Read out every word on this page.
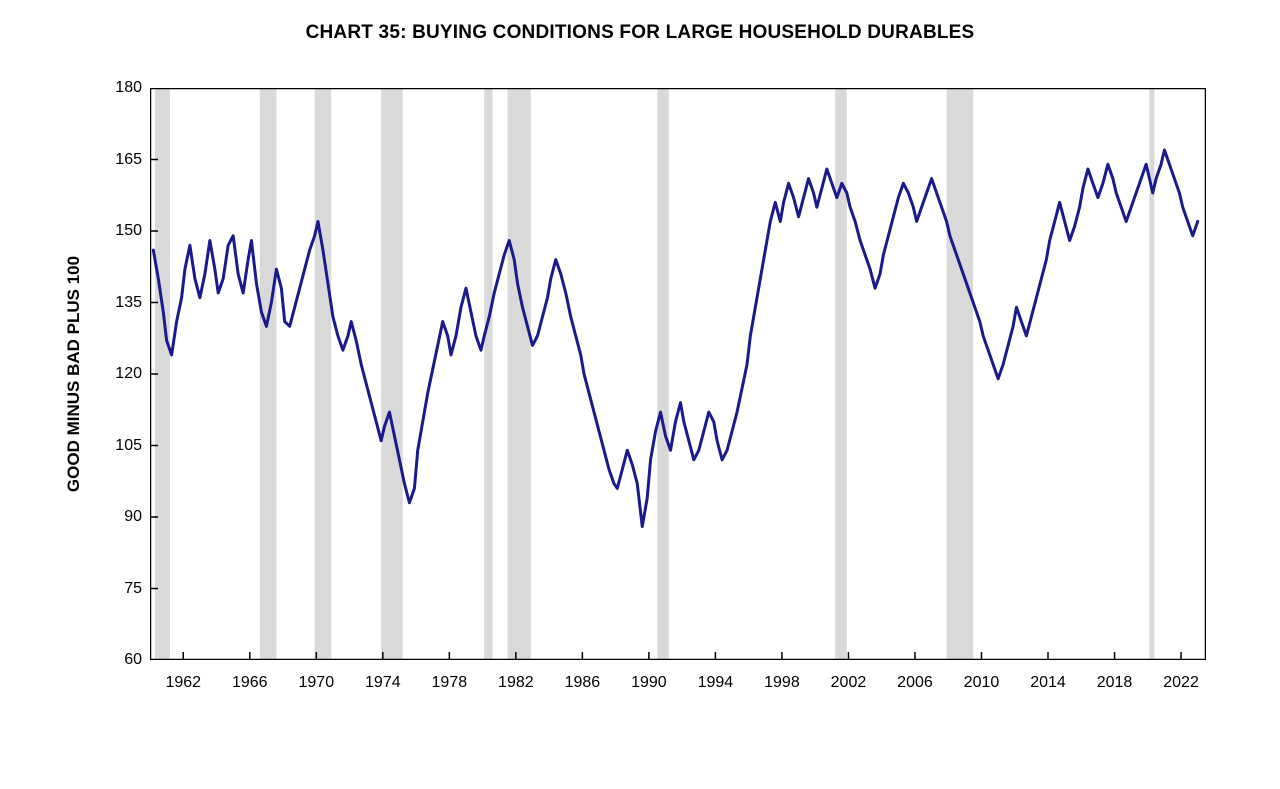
CHART 35: BUYING CONDITIONS FOR LARGE HOUSEHOLD DURABLES
GOOD MINUS BAD PLUS 100
180
165
150
135
120
105
90
75
60
1962 1966 1970 1974 1978 1982 1986 1990 1994 1998 2002 2006 2010 2014 2018 2022
